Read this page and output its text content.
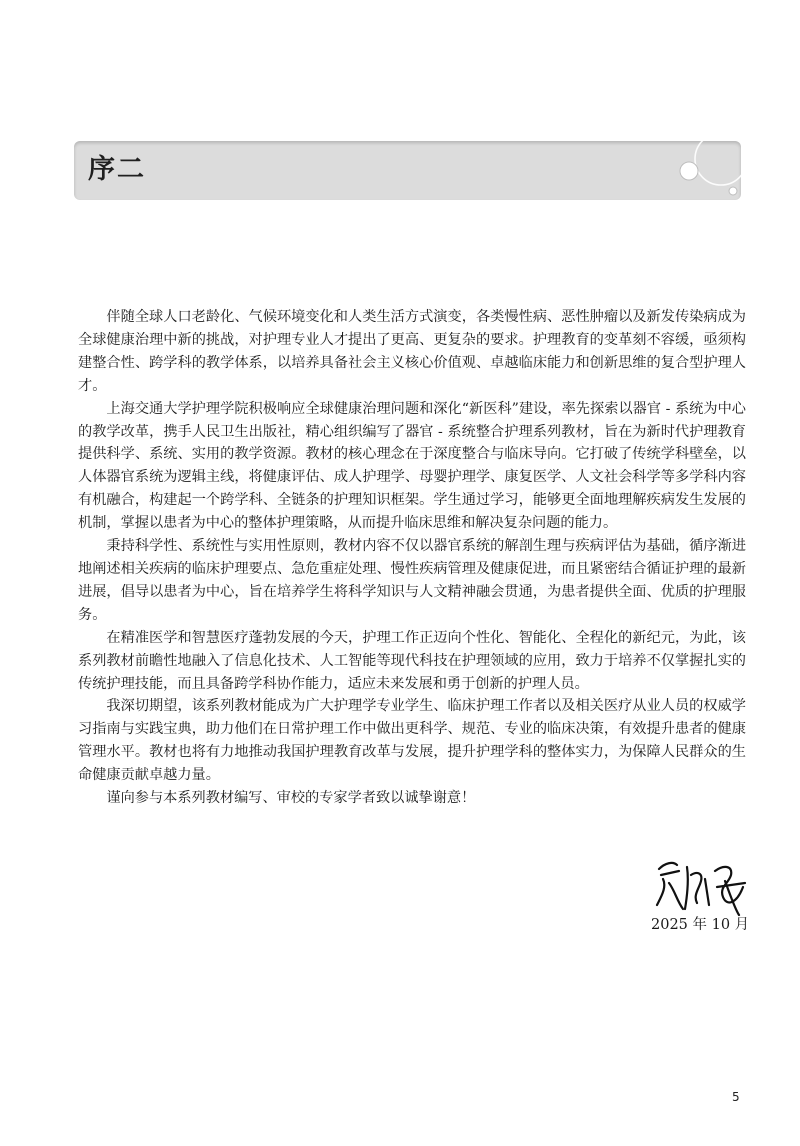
序二

伴随全球人口老龄化、气候环境变化和人类生活方式演变，各类慢性病、恶性肿瘤以及新发传染病成为全球健康治理中新的挑战，对护理专业人才提出了更高、更复杂的要求。护理教育的变革刻不容缓，亟须构建整合性、跨学科的教学体系，以培养具备社会主义核心价值观、卓越临床能力和创新思维的复合型护理人才。

上海交通大学护理学院积极响应全球健康治理问题和深化“新医科”建设，率先探索以器官 - 系统为中心的教学改革，携手人民卫生出版社，精心组织编写了器官 - 系统整合护理系列教材，旨在为新时代护理教育提供科学、系统、实用的教学资源。教材的核心理念在于深度整合与临床导向。它打破了传统学科壁垒，以人体器官系统为逻辑主线，将健康评估、成人护理学、母婴护理学、康复医学、人文社会科学等多学科内容有机融合，构建起一个跨学科、全链条的护理知识框架。学生通过学习，能够更全面地理解疾病发生发展的机制，掌握以患者为中心的整体护理策略，从而提升临床思维和解决复杂问题的能力。

秉持科学性、系统性与实用性原则，教材内容不仅以器官系统的解剖生理与疾病评估为基础，循序渐进地阐述相关疾病的临床护理要点、急危重症处理、慢性疾病管理及健康促进，而且紧密结合循证护理的最新进展，倡导以患者为中心，旨在培养学生将科学知识与人文精神融会贯通，为患者提供全面、优质的护理服务。

在精准医学和智慧医疗蓬勃发展的今天，护理工作正迈向个性化、智能化、全程化的新纪元，为此，该系列教材前瞻性地融入了信息化技术、人工智能等现代科技在护理领域的应用，致力于培养不仅掌握扎实的传统护理技能，而且具备跨学科协作能力，适应未来发展和勇于创新的护理人员。

我深切期望，该系列教材能成为广大护理学专业学生、临床护理工作者以及相关医疗从业人员的权威学习指南与实践宝典，助力他们在日常护理工作中做出更科学、规范、专业的临床决策，有效提升患者的健康管理水平。教材也将有力地推动我国护理教育改革与发展，提升护理学科的整体实力，为保障人民群众的生命健康贡献卓越力量。

谨向参与本系列教材编写、审校的专家学者致以诚挚谢意！

2025 年 10 月
5
